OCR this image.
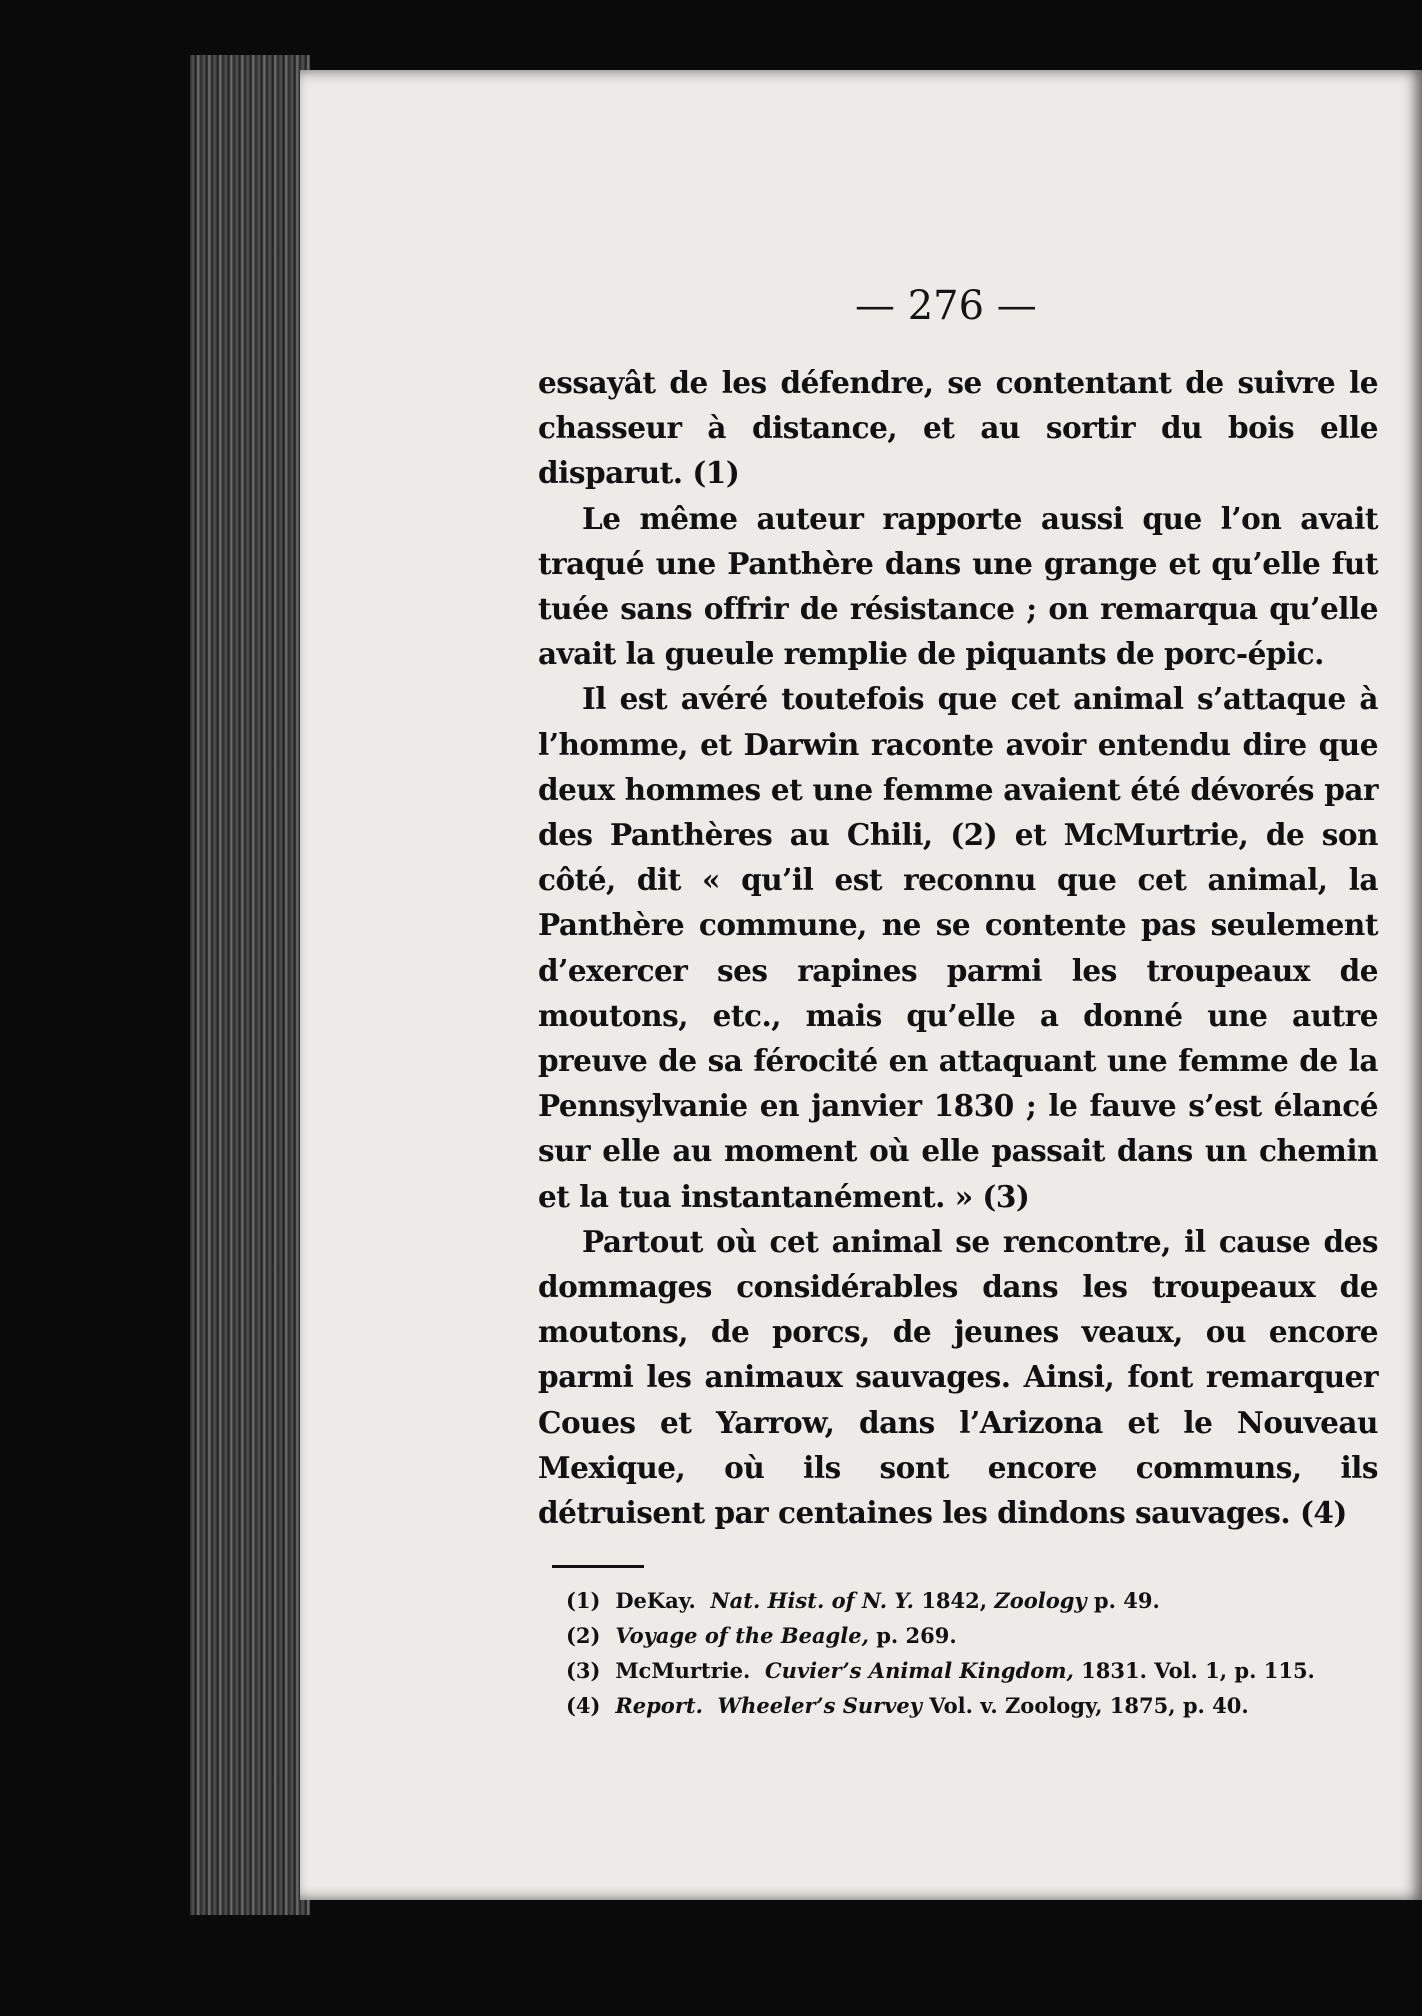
— 276 —

essayât de les défendre, se contentant de suivre le chasseur à distance, et au sortir du bois elle disparut. (1)

Le même auteur rapporte aussi que l’on avait traqué une Panthère dans une grange et qu’elle fut tuée sans offrir de résistance ; on remarqua qu’elle avait la gueule remplie de piquants de porc-épic.

Il est avéré toutefois que cet animal s’attaque à l’homme, et Darwin raconte avoir entendu dire que deux hommes et une femme avaient été dévorés par des Panthères au Chili, (2) et McMurtrie, de son côté, dit « qu’il est reconnu que cet animal, la Panthère commune, ne se contente pas seulement d’exercer ses rapines parmi les troupeaux de moutons, etc., mais qu’elle a donné une autre preuve de sa férocité en attaquant une femme de la Pennsylvanie en janvier 1830 ; le fauve s’est élancé sur elle au moment où elle passait dans un chemin et la tua instantanément. » (3)

Partout où cet animal se rencontre, il cause des dommages considérables dans les troupeaux de moutons, de porcs, de jeunes veaux, ou encore parmi les animaux sauvages. Ainsi, font remarquer Coues et Yarrow, dans l’Arizona et le Nouveau Mexique, où ils sont encore communs, ils détruisent par centaines les dindons sauvages. (4)

(1) DeKay. Nat. Hist. of N. Y. 1842, Zoology p. 49.
(2) Voyage of the Beagle, p. 269.
(3) McMurtrie. Cuvier’s Animal Kingdom, 1831. Vol. 1, p. 115.
(4) Report. Wheeler’s Survey Vol. v. Zoology, 1875, p. 40.
